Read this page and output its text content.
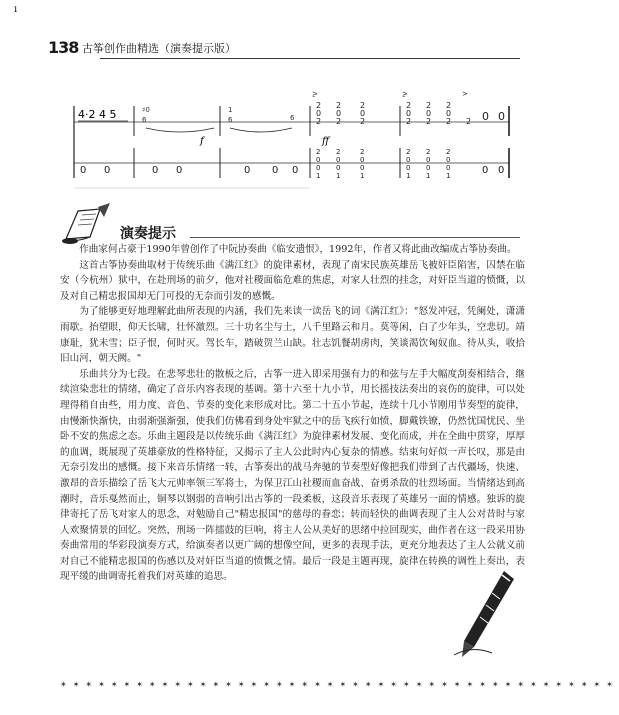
ı
138 古筝创作曲精选（演奏提示版）
4·2 4 5
2
0
2
2
0
2
2
0
2
2
0
2
2
0
2
2
0
2 2 0 0
♯0
6
1
6	6
f	ff
>	>	>
˜	˜
0 0	0 0	0 0 0	0 0
2
0
0
1
2
0
0
1
2
0
0
1
2
0
0
1
2
0
0
1
2
0
0
1
演奏提示

作曲家何占豪于1990年曾创作了中阮协奏曲《临安遗恨》，1992年，作者又将此曲改编成古筝协奏曲。

这首古筝协奏曲取材于传统乐曲《满江红》的旋律素材，表现了南宋民族英雄岳飞被奸臣陷害，囚禁在临安（今杭州）狱中，在赴刑场的前夕，他对社稷面临危难的焦虑，对家人壮烈的挂念，对奸臣当道的愤慨，以及对自己精忠报国却无门可投的无奈而引发的感慨。

为了能够更好地理解此曲所表现的内涵，我们先来读一读岳飞的词《满江红》："怒发冲冠，凭阑处，潇潇雨歇。抬望眼，仰天长啸，壮怀激烈。三十功名尘与土，八千里路云和月。莫等闲，白了少年头，空悲切。靖康耻，犹未雪；臣子恨，何时灭。驾长车，踏破贺兰山缺。壮志饥餐胡虏肉，笑谈渴饮匈奴血。待从头，收拾旧山河，朝天阙。"

乐曲共分为七段。在悲琴悲壮的散板之后，古筝一进入即采用强有力的和弦与左手大幅度刮奏相结合，继续渲染悲壮的情绪，确定了音乐内容表现的基调。第十六至十九小节，用长摇技法奏出的哀伤的旋律，可以处理得稍自由些，用力度、音色、节奏的变化来形成对比。第二十五小节起，连续十几小节刚用节奏型的旋律，由慢渐快渐快，由弱渐强渐强，使我们仿佛看到身处牢狱之中的岳飞疾行如愤，脚戴铁镣，仍然忧国忧民、坐卧不安的焦虑之态。乐曲主题段是以传统乐曲《满江红》为旋律素材发展、变化而成，并在全曲中贯穿，厚厚的血调，既展现了英雄豪放的性格特征，又揭示了主人公此时内心复杂的情感。结束句好似一声长叹，那是由无奈引发出的感慨。接下来音乐情绪一转，古筝奏出的战马奔驰的节奏型好像把我们带到了古代疆场，快速、激昂的音乐描绘了岳飞大元帅率领三军将士，为保卫江山社稷而血奋战、奋勇杀敌的壮烈场面。当情绪达到高潮时，音乐戛然而止，铜琴以钢弱的音响引出古筝的一段柔板，这段音乐表现了英雄另一面的情感。独诉的旋律寄托了岳飞对家人的思念，对勉励自己"精忠报国"的慈母的眷恋；转而轻快的曲调表现了主人公对昔时与家人欢聚情景的回忆。突然，刑场一阵擂鼓的巨响，将主人公从美好的思绪中拉回现实，曲作者在这一段采用协奏曲常用的华彩段演奏方式，给演奏者以更广阔的想像空间，更多的表现手法，更充分地表达了主人公就义前对自己不能精忠报国的伤感以及对奸臣当道的愤慨之情。最后一段是主题再现，旋律在转换的调性上奏出，表现平缓的曲调寄托着我们对英雄的追思。

✶✶✶✶✶✶✶✶✶✶✶✶✶✶✶✶✶✶✶✶✶✶✶✶✶✶✶✶✶✶✶✶✶✶✶✶✶✶✶✶✶✶✶✶
